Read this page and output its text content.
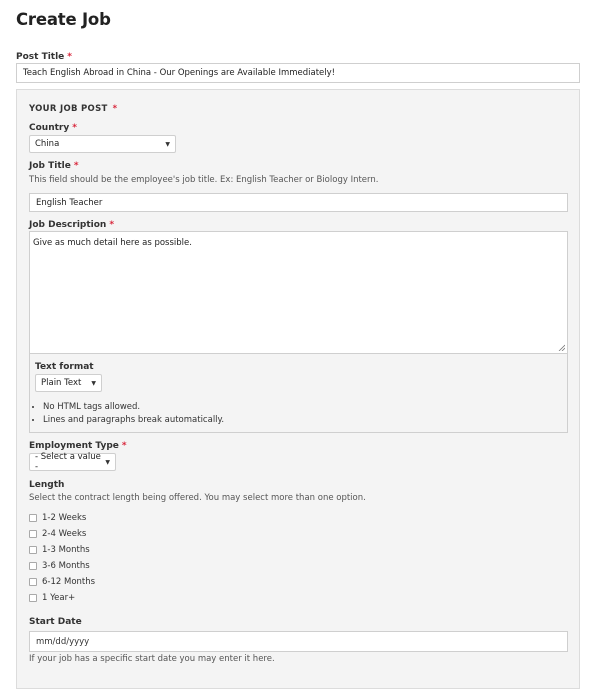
Create Job
Post Title *
Teach English Abroad in China - Our Openings are Available Immediately!
YOUR JOB POST *
Country *
China	▼
Job Title *
This field should be the employee's job title. Ex: English Teacher or Biology Intern.
English Teacher
Job Description *
Give as much detail here as possible.
Text format
Plain Text ▼
• No HTML tags allowed.
• Lines and paragraphs break automatically.
Employment Type *
- Select a value -	▼
Length
Select the contract length being offered. You may select more than one option.
1-2 Weeks
2-4 Weeks
1-3 Months
3-6 Months
6-12 Months
1 Year+
Start Date
mm/dd/yyyy
If your job has a specific start date you may enter it here.
